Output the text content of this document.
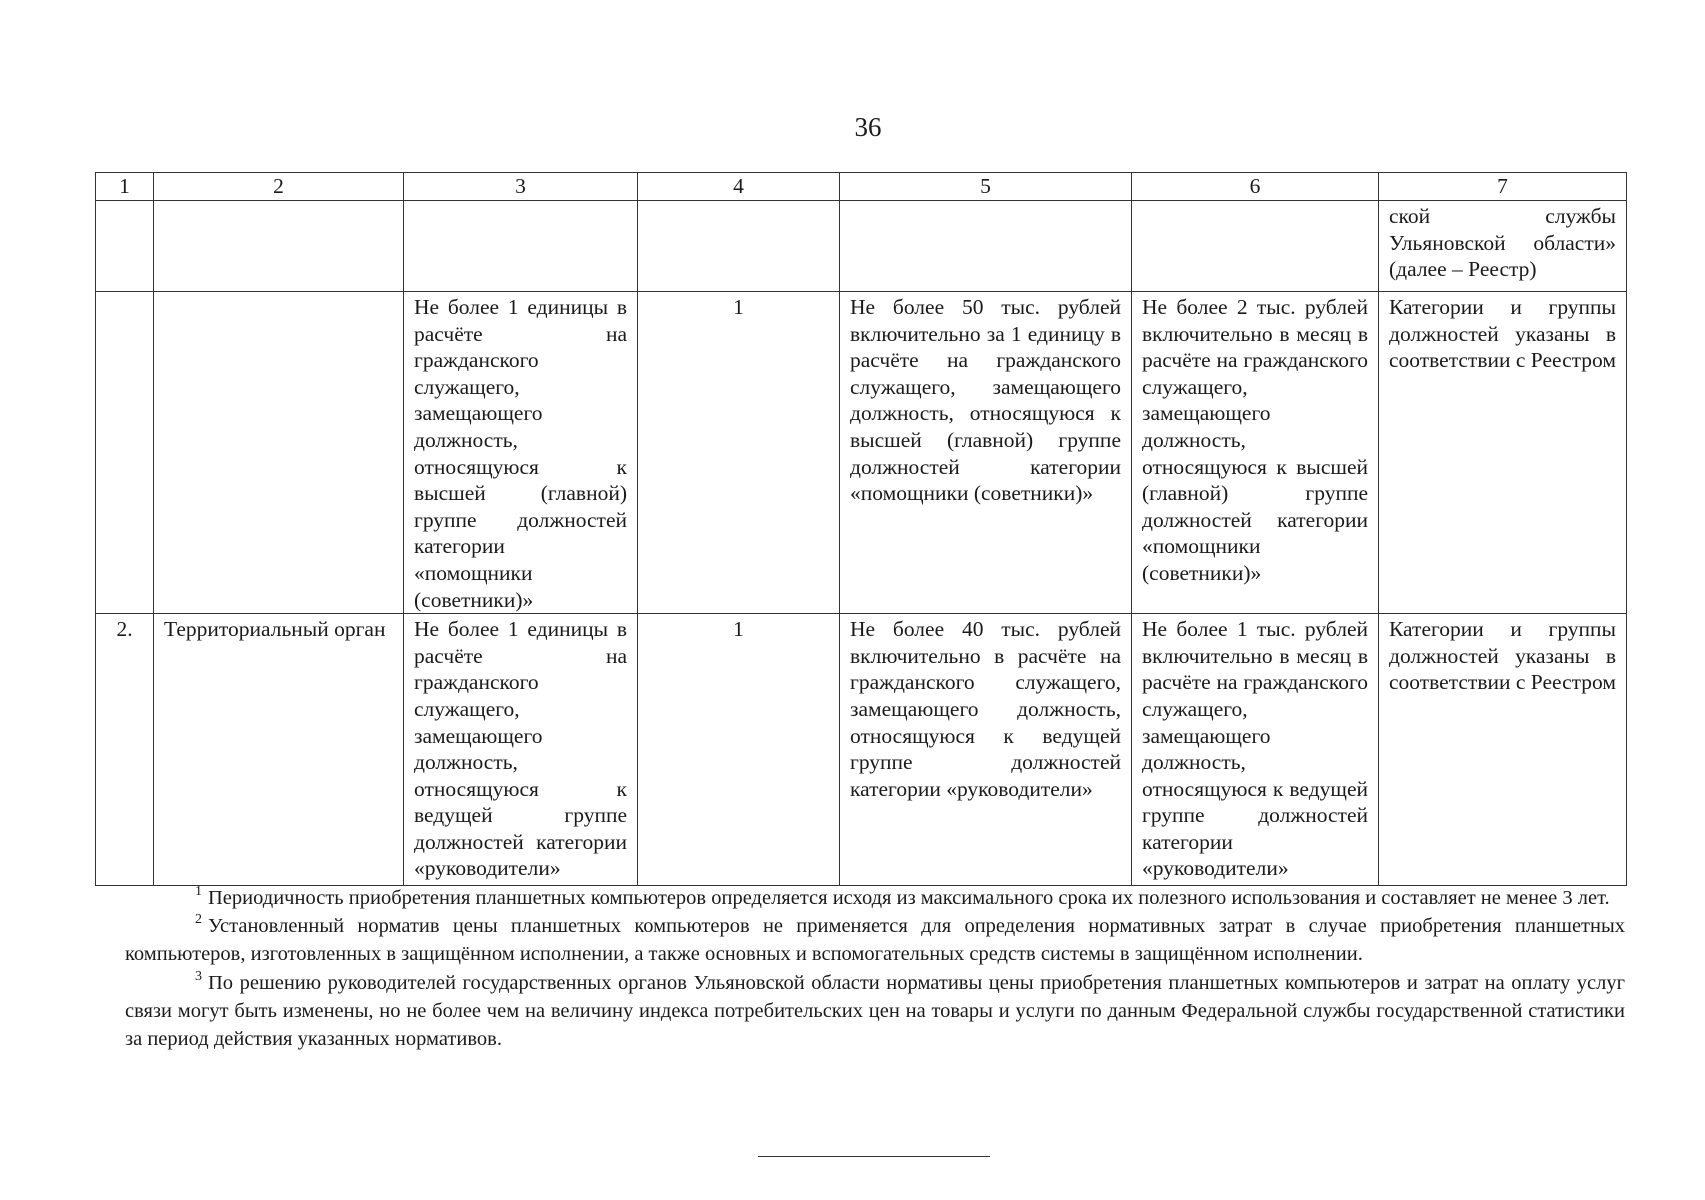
36
1	2	3	4	5	6	7
						ской службы Ульяновской области» (далее – Реестр)
		Не более 1 единицы в расчёте на гражданского служащего, замещающего должность, относящуюся к высшей (главной) группе должностей категории «помощники (советники)»	1	Не более 50 тыс. рублей включительно за 1 единицу в расчёте на гражданского служащего, замещающего должность, относящуюся к высшей (главной) группе должностей категории «помощники (советники)»	Не более 2 тыс. рублей включительно в месяц в расчёте на гражданского служащего, замещающего должность, относящуюся к высшей (главной) группе должностей категории «помощники (советники)»	Категории и группы должностей указаны в соответствии с Реестром
2.	Территориальный орган	Не более 1 единицы в расчёте на гражданского служащего, замещающего должность, относящуюся к ведущей группе должностей категории «руководители»	1	Не более 40 тыс. рублей включительно в расчёте на гражданского служащего, замещающего должность, относящуюся к ведущей группе должностей категории «руководители»	Не более 1 тыс. рублей включительно в месяц в расчёте на гражданского служащего, замещающего должность, относящуюся к ведущей группе должностей категории «руководители»	Категории и группы должностей указаны в соответствии с Реестром

$^1$ Периодичность приобретения планшетных компьютеров определяется исходя из максимального срока их полезного использования и составляет не менее 3 лет.

$^2$ Установленный норматив цены планшетных компьютеров не применяется для определения нормативных затрат в случае приобретения планшетных компьютеров, изготовленных в защищённом исполнении, а также основных и вспомогательных средств системы в защищённом исполнении.

$^3$ По решению руководителей государственных органов Ульяновской области нормативы цены приобретения планшетных компьютеров и затрат на оплату услуг связи могут быть изменены, но не более чем на величину индекса потребительских цен на товары и услуги по данным Федеральной службы государственной статистики за период действия указанных нормативов.
